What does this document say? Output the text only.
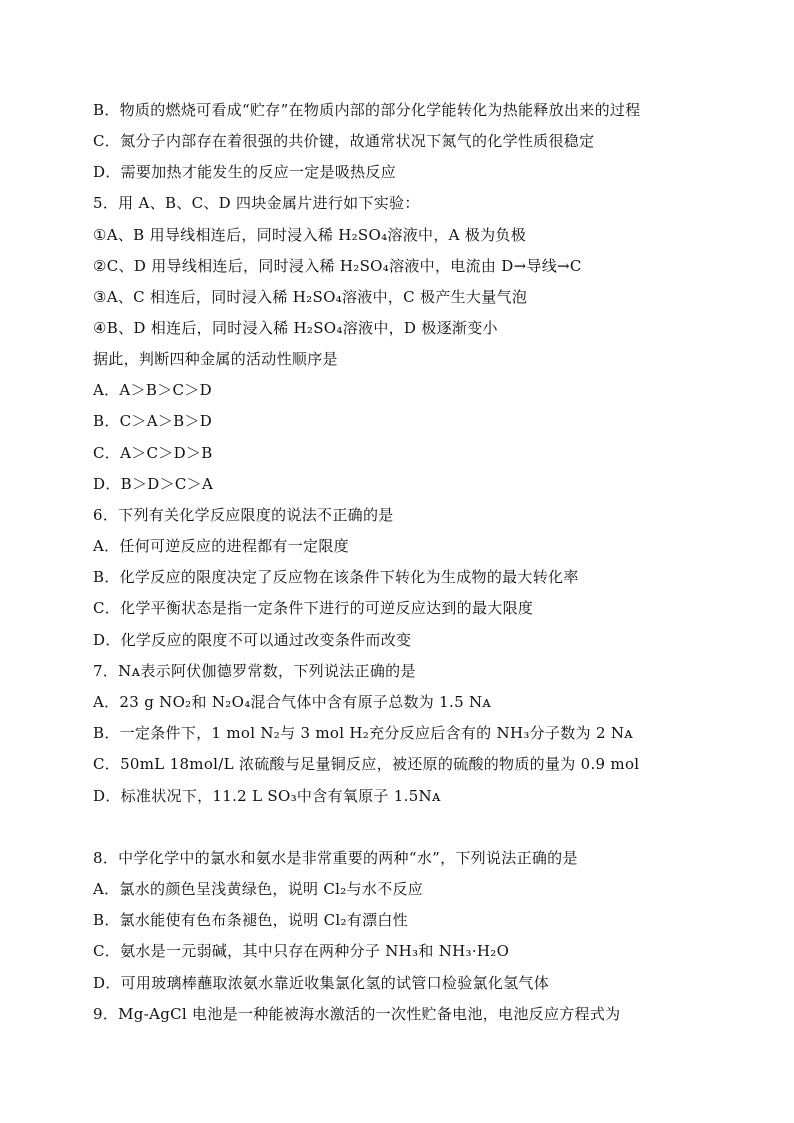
B．物质的燃烧可看成“贮存”在物质内部的部分化学能转化为热能释放出来的过程
C．氮分子内部存在着很强的共价键，故通常状况下氮气的化学性质很稳定
D．需要加热才能发生的反应一定是吸热反应
5．用 A、B、C、D 四块金属片进行如下实验：
①A、B 用导线相连后，同时浸入稀 H₂SO₄溶液中，A 极为负极
②C、D 用导线相连后，同时浸入稀 H₂SO₄溶液中，电流由 D→导线→C
③A、C 相连后，同时浸入稀 H₂SO₄溶液中，C 极产生大量气泡
④B、D 相连后，同时浸入稀 H₂SO₄溶液中，D 极逐渐变小
据此，判断四种金属的活动性顺序是
A．A＞B＞C＞D
B．C＞A＞B＞D
C．A＞C＞D＞B
D．B＞D＞C＞A
6．下列有关化学反应限度的说法不正确的是
A．任何可逆反应的进程都有一定限度
B．化学反应的限度决定了反应物在该条件下转化为生成物的最大转化率
C．化学平衡状态是指一定条件下进行的可逆反应达到的最大限度
D．化学反应的限度不可以通过改变条件而改变
7．Nᴀ表示阿伏伽德罗常数，下列说法正确的是
A．23 g NO₂和 N₂O₄混合气体中含有原子总数为 1.5 Nᴀ
B．一定条件下，1 mol N₂与 3 mol H₂充分反应后含有的 NH₃分子数为 2 Nᴀ
C．50mL 18mol/L 浓硫酸与足量铜反应，被还原的硫酸的物质的量为 0.9 mol
D．标准状况下，11.2 L SO₃中含有氧原子 1.5Nᴀ
8．中学化学中的氯水和氨水是非常重要的两种“水”，下列说法正确的是
A．氯水的颜色呈浅黄绿色，说明 Cl₂与水不反应
B．氯水能使有色布条褪色，说明 Cl₂有漂白性
C．氨水是一元弱碱，其中只存在两种分子 NH₃和 NH₃·H₂O
D．可用玻璃棒蘸取浓氨水靠近收集氯化氢的试管口检验氯化氢气体
9．Mg-AgCl 电池是一种能被海水激活的一次性贮备电池，电池反应方程式为
